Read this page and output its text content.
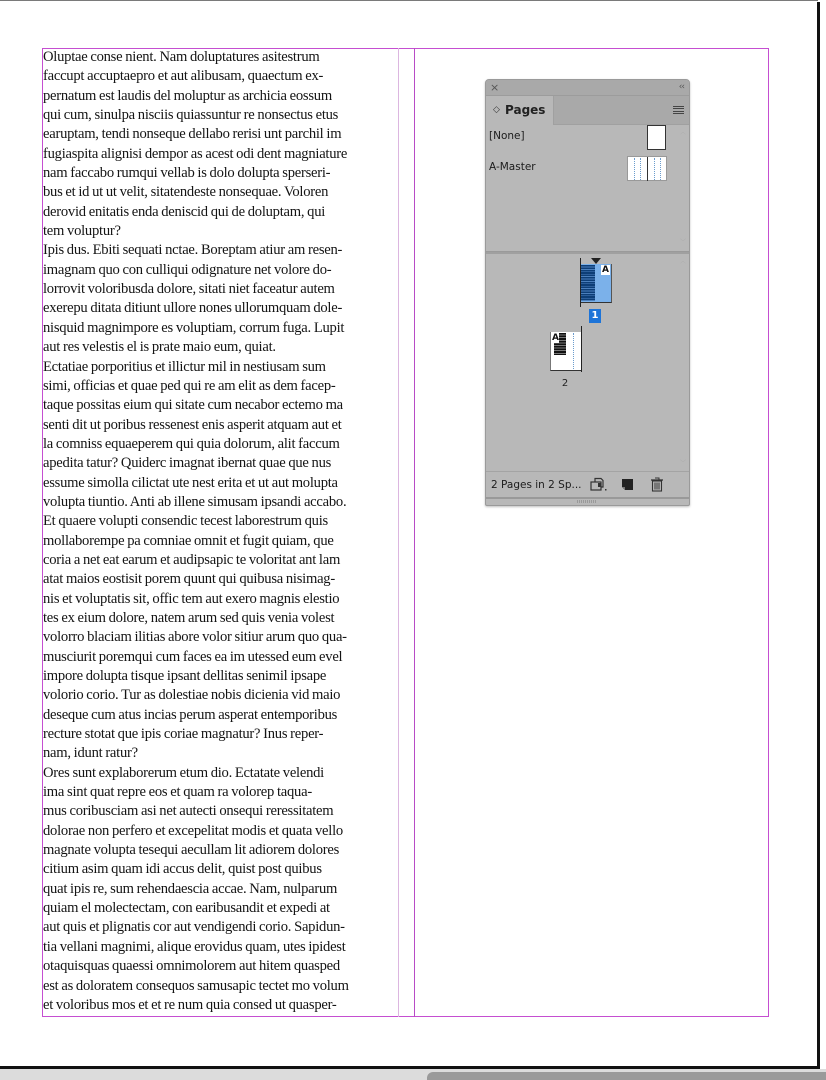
Oluptae conse nient. Nam doluptatures asitestrum
faccupt accuptaepro et aut alibusam, quaectum ex-
pernatum est laudis del moluptur as archicia eossum
qui cum, sinulpa nisciis quiassuntur re nonsectus etus
earuptam, tendi nonseque dellabo rerisi unt parchil im
fugiaspita alignisi dempor as acest odi dent magniature
nam faccabo rumqui vellab is dolo dolupta sperseri-
bus et id ut ut velit, sitatendeste nonsequae. Voloren
derovid enitatis enda deniscid qui de doluptam, qui
tem voluptur?
Ipis dus. Ebiti sequati nctae. Boreptam atiur am resen-
imagnam quo con culliqui odignature net volore do-
lorrovit voloribusda dolore, sitati niet faceatur autem
exerepu ditata ditiunt ullore nones ullorumquam dole-
nisquid magnimpore es voluptiam, corrum fuga. Lupit
aut res velestis el is prate maio eum, quiat.
Ectatiae porporitius et illictur mil in nestiusam sum
simi, officias et quae ped qui re am elit as dem facep-
taque possitas eium qui sitate cum necabor ectemo ma
senti dit ut poribus ressenest enis asperit atquam aut et
la comniss equaeperem qui quia dolorum, alit faccum
apedita tatur? Quiderc imagnat ibernat quae que nus
essume simolla cilictat ute nest erita et ut aut molupta
volupta tiuntio. Anti ab illene simusam ipsandi accabo.
Et quaere volupti consendic tecest laborestrum quis
mollaborempe pa comniae omnit et fugit quiam, que
coria a net eat earum et audipsapic te voloritat ant lam
atat maios eostisit porem quunt qui quibusa nisimag-
nis et voluptatis sit, offic tem aut exero magnis elestio
tes ex eium dolore, natem arum sed quis venia volest
volorro blaciam ilitias abore volor sitiur arum quo qua-
musciurit poremqui cum faces ea im utessed eum evel
impore dolupta tisque ipsant dellitas senimil ipsape
volorio corio. Tur as dolestiae nobis dicienia vid maio
deseque cum atus incias perum asperat entemporibus
recture stotat que ipis coriae magnatur? Inus reper-
nam, idunt ratur?
Ores sunt explaborerum etum dio. Ectatate velendi
ima sint quat repre eos et quam ra volorep taqua-
mus coribusciam asi net autecti onsequi reressitatem
dolorae non perfero et excepelitat modis et quata vello
magnate volupta tesequi aecullam lit adiorem dolores
citium asim quam idi accus delit, quist post quibus
quat ipis re, sum rehendaescia accae. Nam, nulparum
quiam el molectectam, con earibusandit et expedi at
aut quis et plignatis cor aut vendigendi corio. Sapidun-
tia vellani magnimi, alique erovidus quam, utes ipidest
otaquisquas quaessi omnimolorem aut hitem quasped
est as doloratem consequos samusapic tectet mo volum
et voloribus mos et et re num quia consed ut quasper-
×	‹‹
◇ Pages
[None]
A-Master
︿
﹀
A
1
A
2
︿
﹀
2 Pages in 2 Sp...
